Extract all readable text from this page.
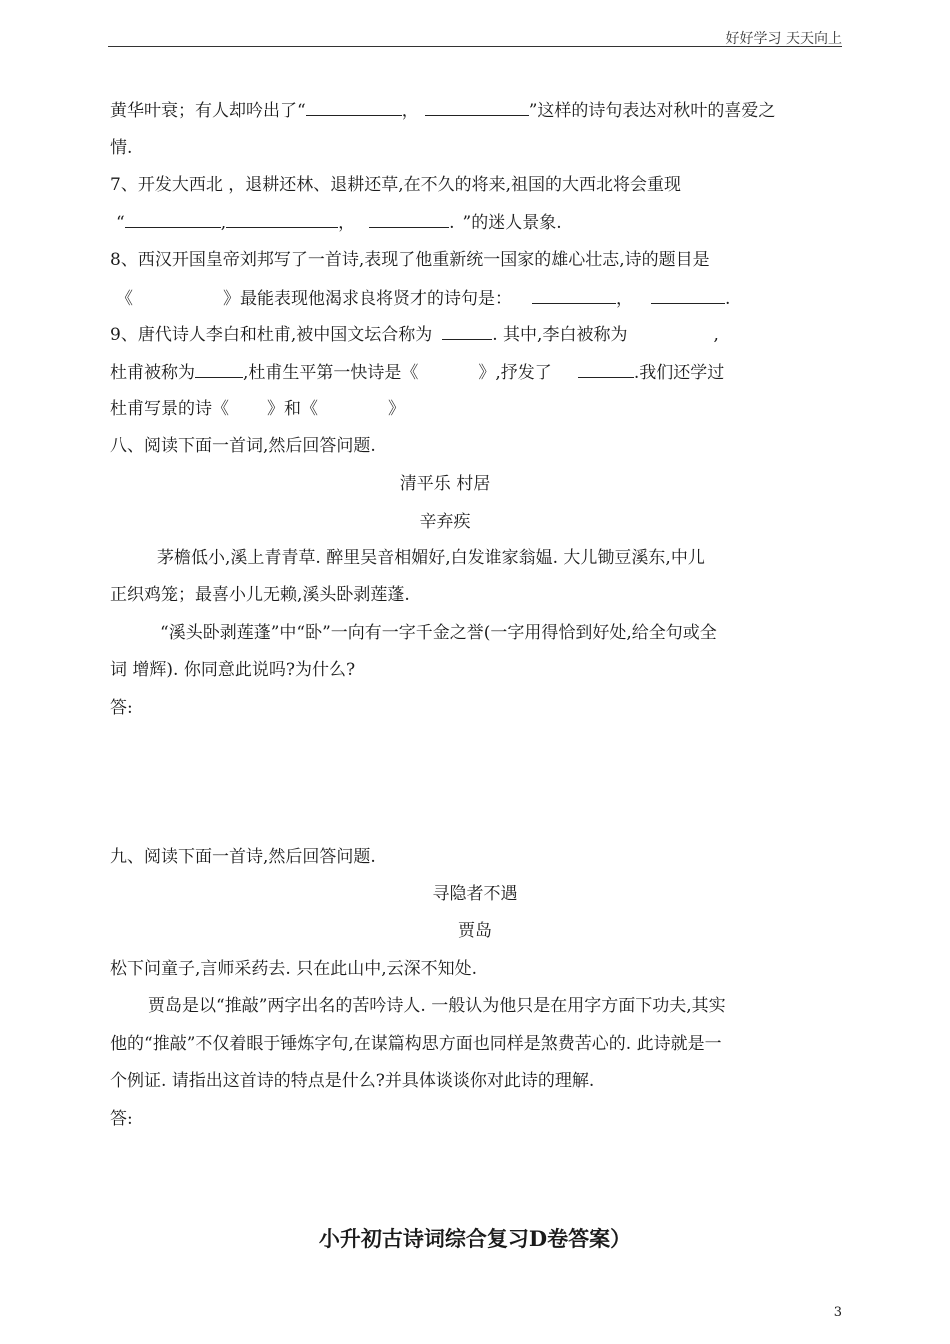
好好学习 天天向上
黄华叶衰；有人却吟出了“	，	”这样的诗句表达对秋叶的喜爱之
情.
7、开发大西北 ，退耕还林、退耕还草,在不久的将来,祖国的大西北将会重现
“	,	，	. ”的迷人景象.
8、西汉开国皇帝刘邦写了一首诗,表现了他重新统一国家的雄心壮志,诗的题目是
《	》最能表现他渴求良将贤才的诗句是：	，	.
9、唐代诗人李白和杜甫,被中国文坛合称为	. 其中,李白被称为	,
杜甫被称为	,杜甫生平第一快诗是《	》,抒发了	.我们还学过
杜甫写景的诗《 》和《	》
八、阅读下面一首词,然后回答问题.
清平乐 村居
辛弃疾
茅檐低小,溪上青青草. 醉里吴音相媚好,白发谁家翁媪. 大儿锄豆溪东,中儿
正织鸡笼；最喜小儿无赖,溪头卧剥莲蓬.
“溪头卧剥莲蓬”中“卧”一向有一字千金之誉(一字用得恰到好处,给全句或全
词 增辉). 你同意此说吗?为什么?
答:
九、阅读下面一首诗,然后回答问题.
寻隐者不遇
贾岛
松下问童子,言师采药去. 只在此山中,云深不知处.
贾岛是以“推敲”两字出名的苦吟诗人. 一般认为他只是在用字方面下功夫,其实
他的“推敲”不仅着眼于锤炼字句,在谋篇构思方面也同样是煞费苦心的. 此诗就是一
个例证. 请指出这首诗的特点是什么?并具体谈谈你对此诗的理解.
答:
小升初古诗词综合复习D卷答案）
3
